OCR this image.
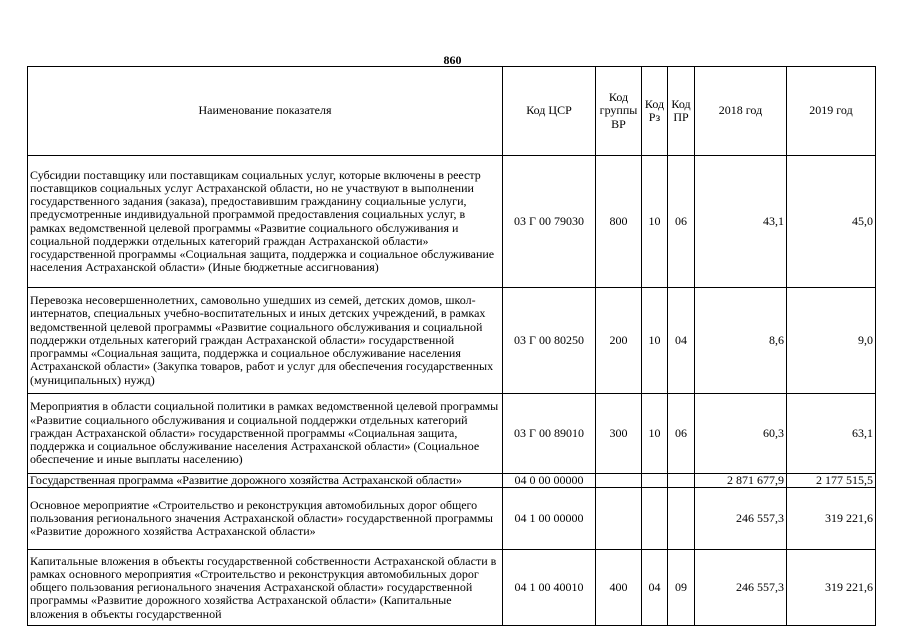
860
Наименование показателя	Код ЦСР	Код группы ВР	Код Рз	Код ПР	2018 год	2019 год
Субсидии поставщику или поставщикам социальных услуг, которые включены в реестр поставщиков социальных услуг Астраханской области, но не участвуют в выполнении государственного задания (заказа), предоставившим гражданину социальные услуги, предусмотренные индивидуальной программой предоставления социальных услуг, в рамках ведомственной целевой программы «Развитие социального обслуживания и социальной поддержки отдельных категорий граждан Астраханской области» государственной программы «Социальная защита, поддержка и социальное обслуживание населения Астраханской области» (Иные бюджетные ассигнования)	03 Г 00 79030	800	10	06	43,1	45,0
Перевозка несовершеннолетних, самовольно ушедших из семей, детских домов, школ-интернатов, специальных учебно-воспитательных и иных детских учреждений, в рамках ведомственной целевой программы «Развитие социального обслуживания и социальной поддержки отдельных категорий граждан Астраханской области» государственной программы «Социальная защита, поддержка и социальное обслуживание населения Астраханской области» (Закупка товаров, работ и услуг для обеспечения государственных (муниципальных) нужд)	03 Г 00 80250	200	10	04	8,6	9,0
Мероприятия в области социальной политики в рамках ведомственной целевой программы «Развитие социального обслуживания и социальной поддержки отдельных категорий граждан Астраханской области» государственной программы «Социальная защита, поддержка и социальное обслуживание населения Астраханской области» (Социальное обеспечение и иные выплаты населению)	03 Г 00 89010	300	10	06	60,3	63,1
Государственная программа «Развитие дорожного хозяйства Астраханской области»	04 0 00 00000				2 871 677,9	2 177 515,5
Основное мероприятие «Строительство и реконструкция автомобильных дорог общего пользования регионального значения Астраханской области» государственной программы «Развитие дорожного хозяйства Астраханской области»	04 1 00 00000				246 557,3	319 221,6
Капитальные вложения в объекты государственной собственности Астраханской области в рамках основного мероприятия «Строительство и реконструкция автомобильных дорог общего пользования регионального значения Астраханской области» государственной программы «Развитие дорожного хозяйства Астраханской области» (Капитальные вложения в объекты государственной	04 1 00 40010	400	04	09	246 557,3	319 221,6
